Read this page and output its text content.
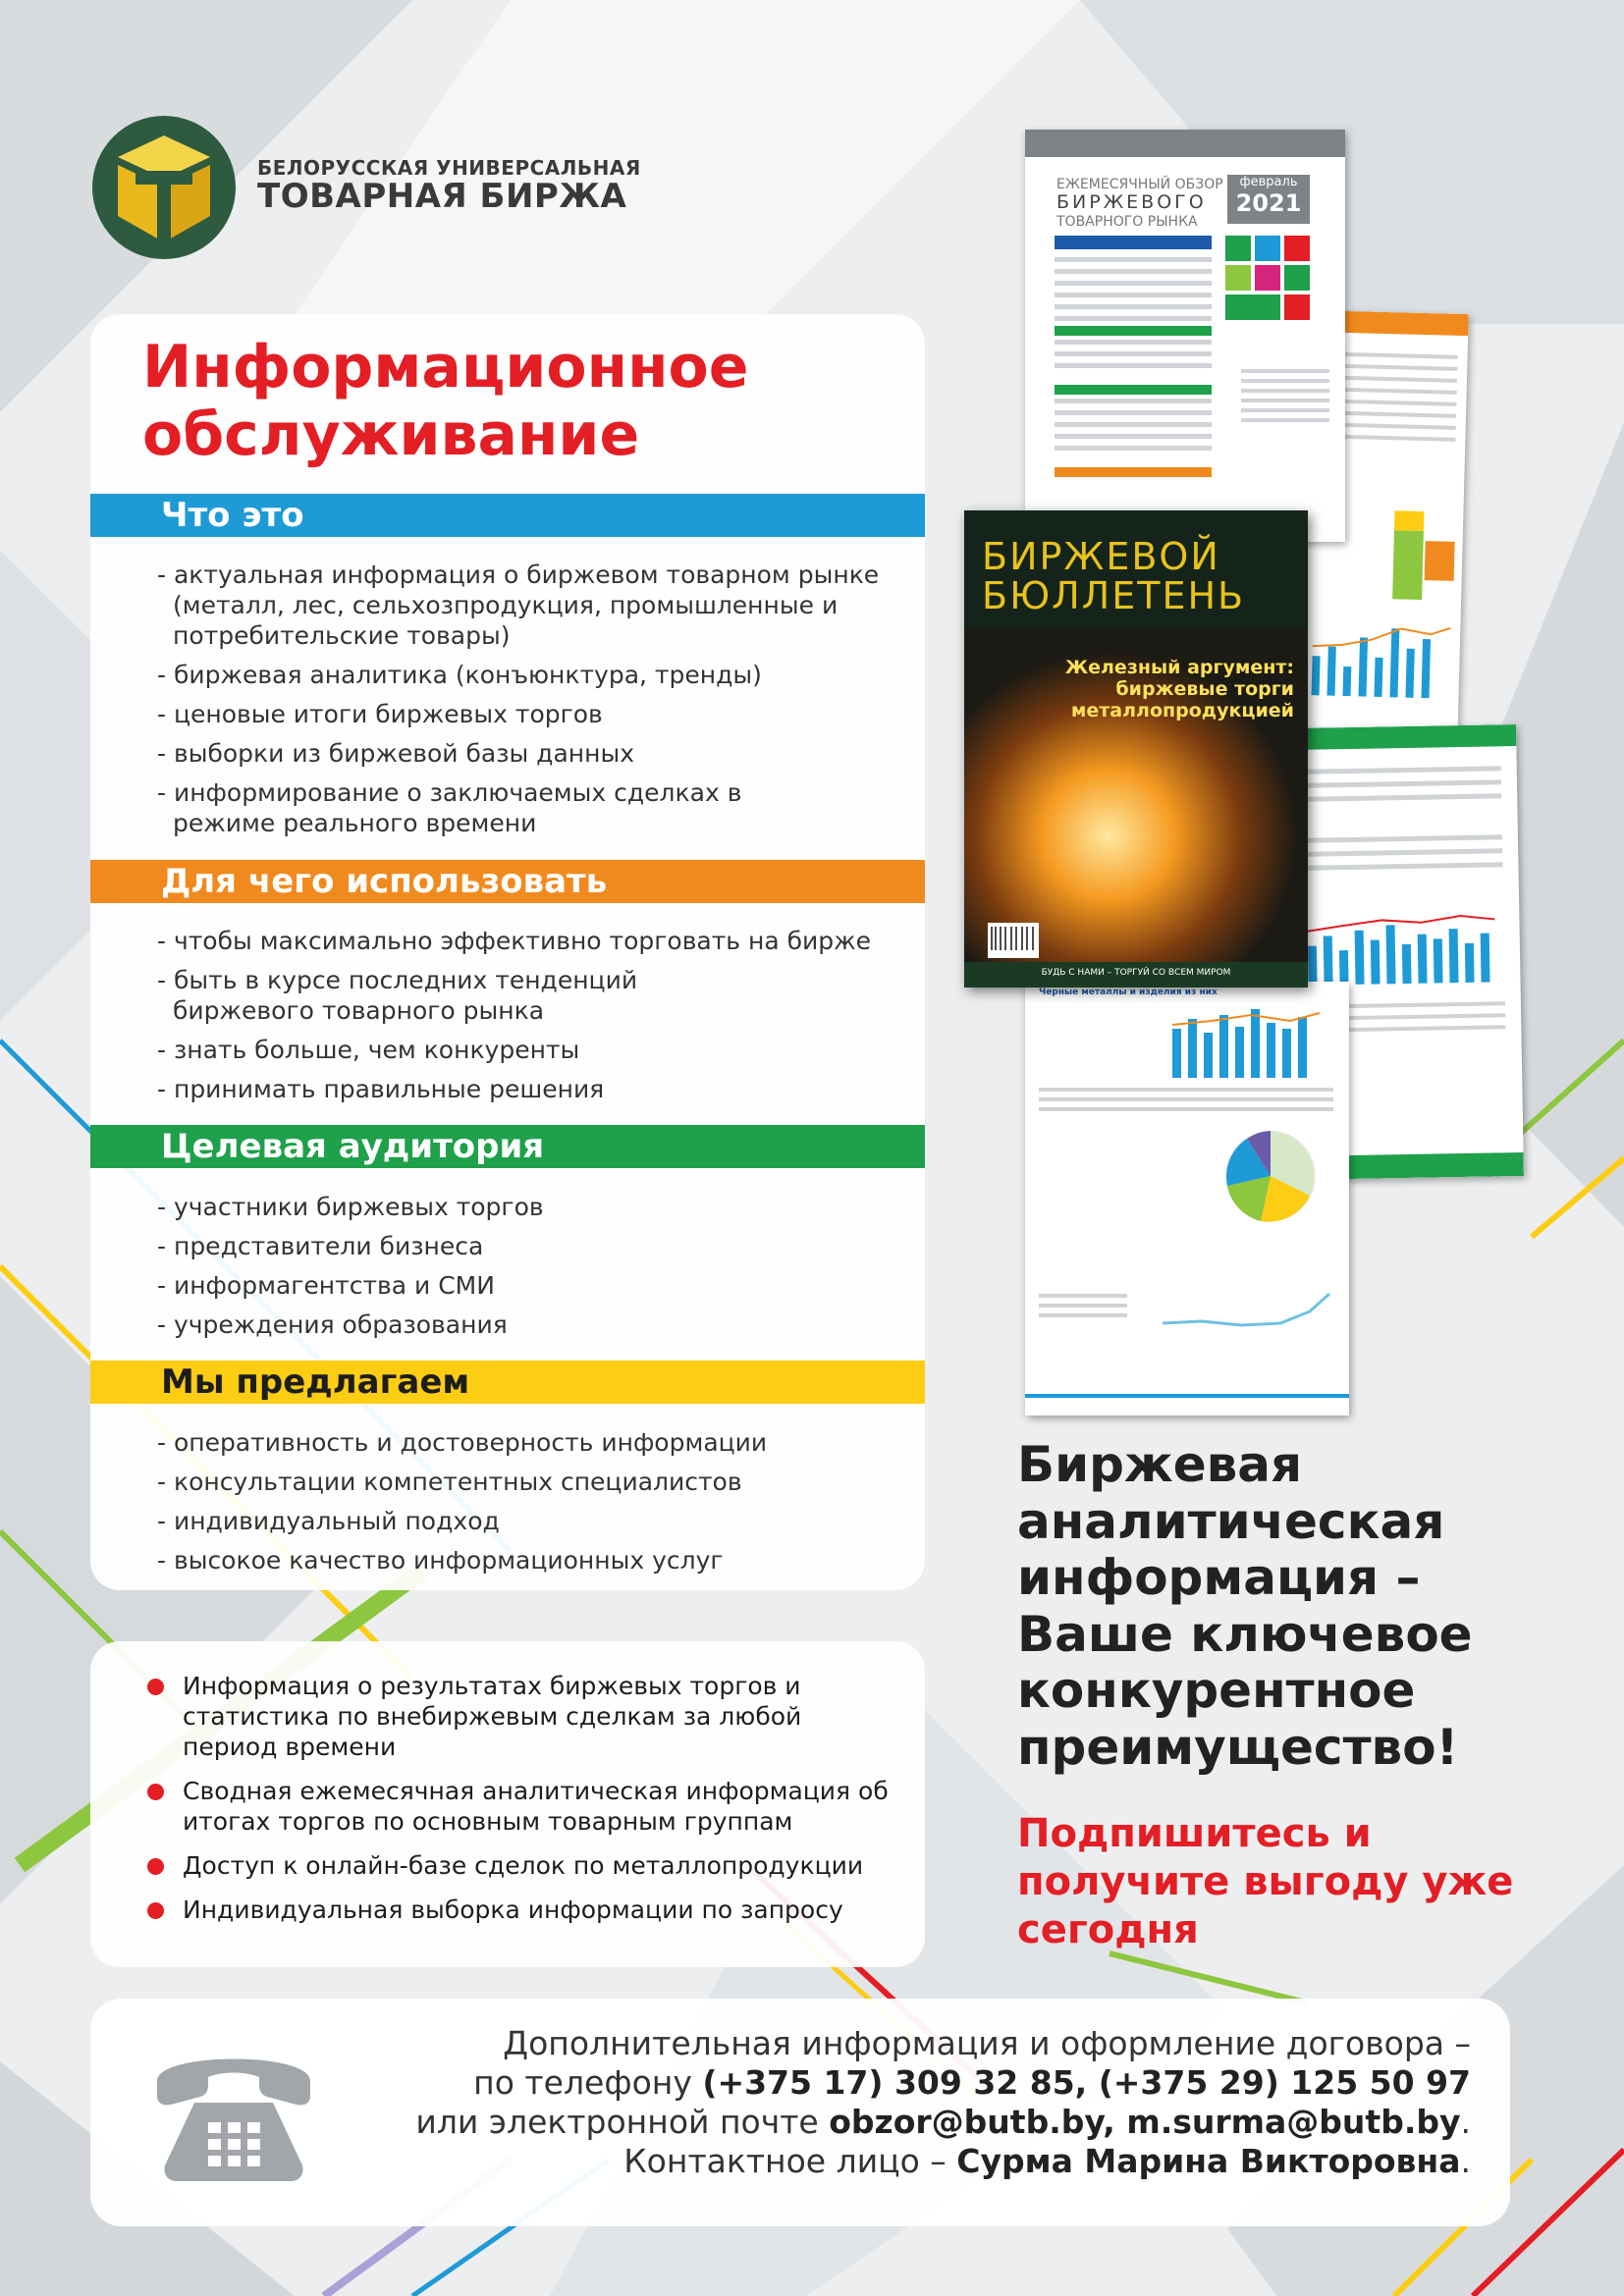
БЕЛОРУССКАЯ УНИВЕРСАЛЬНАЯ
ТОВАРНАЯ БИРЖА
Информационное
обслуживание
Что это
- актуальная информация о биржевом товарном рынке (металл, лес, сельхозпродукция, промышленные и потребительские товары)
- биржевая аналитика (конъюнктура, тренды)
- ценовые итоги биржевых торгов
- выборки из биржевой базы данных
- информирование о заключаемых сделках в режиме реального времени
Для чего использовать
- чтобы максимально эффективно торговать на бирже
- быть в курсе последних тенденций биржевого товарного рынка
- знать больше, чем конкуренты
- принимать правильные решения
Целевая аудитория
- участники биржевых торгов
- представители бизнеса
- информагентства и СМИ
- учреждения образования
Мы предлагаем
- оперативность и достоверность информации
- консультации компетентных специалистов
- индивидуальный подход
- высокое качество информационных услуг
Информация о результатах биржевых торгов и статистика по внебиржевым сделкам за любой период времени
Сводная ежемесячная аналитическая информация об итогах торгов по основным товарным группам
Доступ к онлайн-базе сделок по металлопродукции
Индивидуальная выборка информации по запросу
ЕЖЕМЕСЯЧНЫЙ ОБЗОР
БИРЖЕВОГО
ТОВАРНОГО РЫНКА
февраль
2021
Черные металлы и изделия из них
БИРЖЕВОЙ
БЮЛЛЕТЕНЬ
Железный аргумент: биржевые торги металлопродукцией
БУДЬ С НАМИ – ТОРГУЙ СО ВСЕМ МИРОМ
Биржевая аналитическая информация – Ваше ключевое конкурентное преимущество!
Подпишитесь и получите выгоду уже сегодня
Дополнительная информация и оформление договора –
по телефону (+375 17) 309 32 85, (+375 29) 125 50 97
или электронной почте obzor@butb.by, m.surma@butb.by.
Контактное лицо – Сурма Марина Викторовна.
